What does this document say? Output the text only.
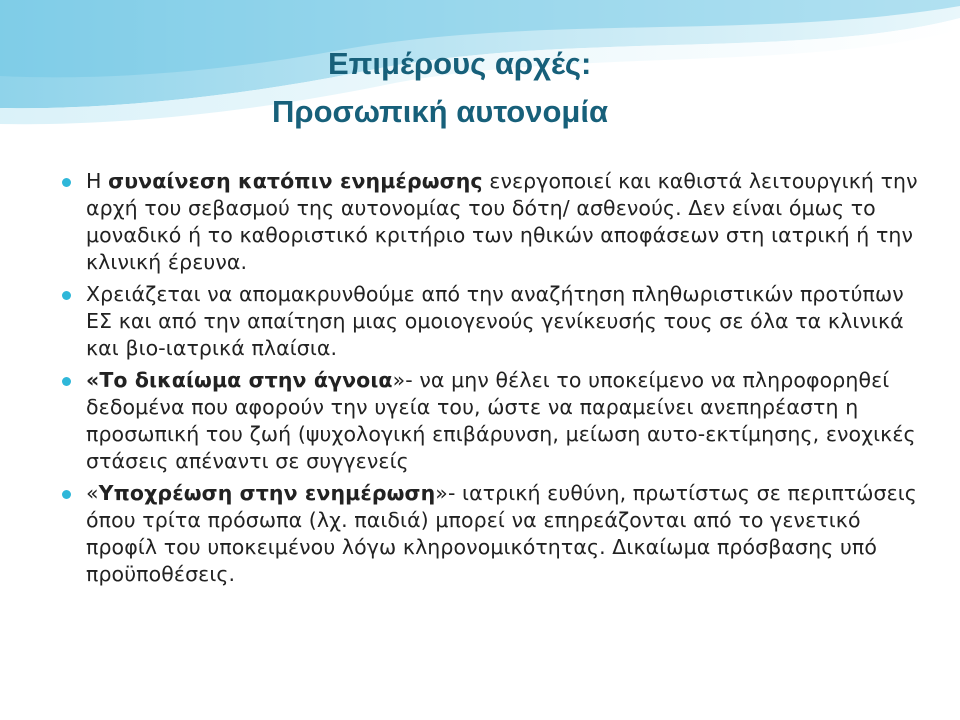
Επιμέρους αρχές:
Προσωπική αυτονομία
Η συναίνεση κατόπιν ενημέρωσης ενεργοποιεί και καθιστά λειτουργική την αρχή του σεβασμού της αυτονομίας του δότη/ ασθενούς. Δεν είναι όμως το μοναδικό ή το καθοριστικό κριτήριο των ηθικών αποφάσεων στη ιατρική ή την κλινική έρευνα.
Χρειάζεται να απομακρυνθούμε από την αναζήτηση πληθωριστικών προτύπων ΕΣ και από την απαίτηση μιας ομοιογενούς γενίκευσής τους σε όλα τα κλινικά και βιο-ιατρικά πλαίσια.
«Το δικαίωμα στην άγνοια»- να μην θέλει το υποκείμενο να πληροφορηθεί δεδομένα που αφορούν την υγεία του, ώστε να παραμείνει ανεπηρέαστη η προσωπική του ζωή (ψυχολογική επιβάρυνση, μείωση αυτο-εκτίμησης, ενοχικές στάσεις απέναντι σε συγγενείς
«Υποχρέωση στην ενημέρωση»- ιατρική ευθύνη, πρωτίστως σε περιπτώσεις όπου τρίτα πρόσωπα (λχ. παιδιά) μπορεί να επηρεάζονται από το γενετικό προφίλ του υποκειμένου λόγω κληρονομικότητας. Δικαίωμα πρόσβασης υπό προϋποθέσεις.
